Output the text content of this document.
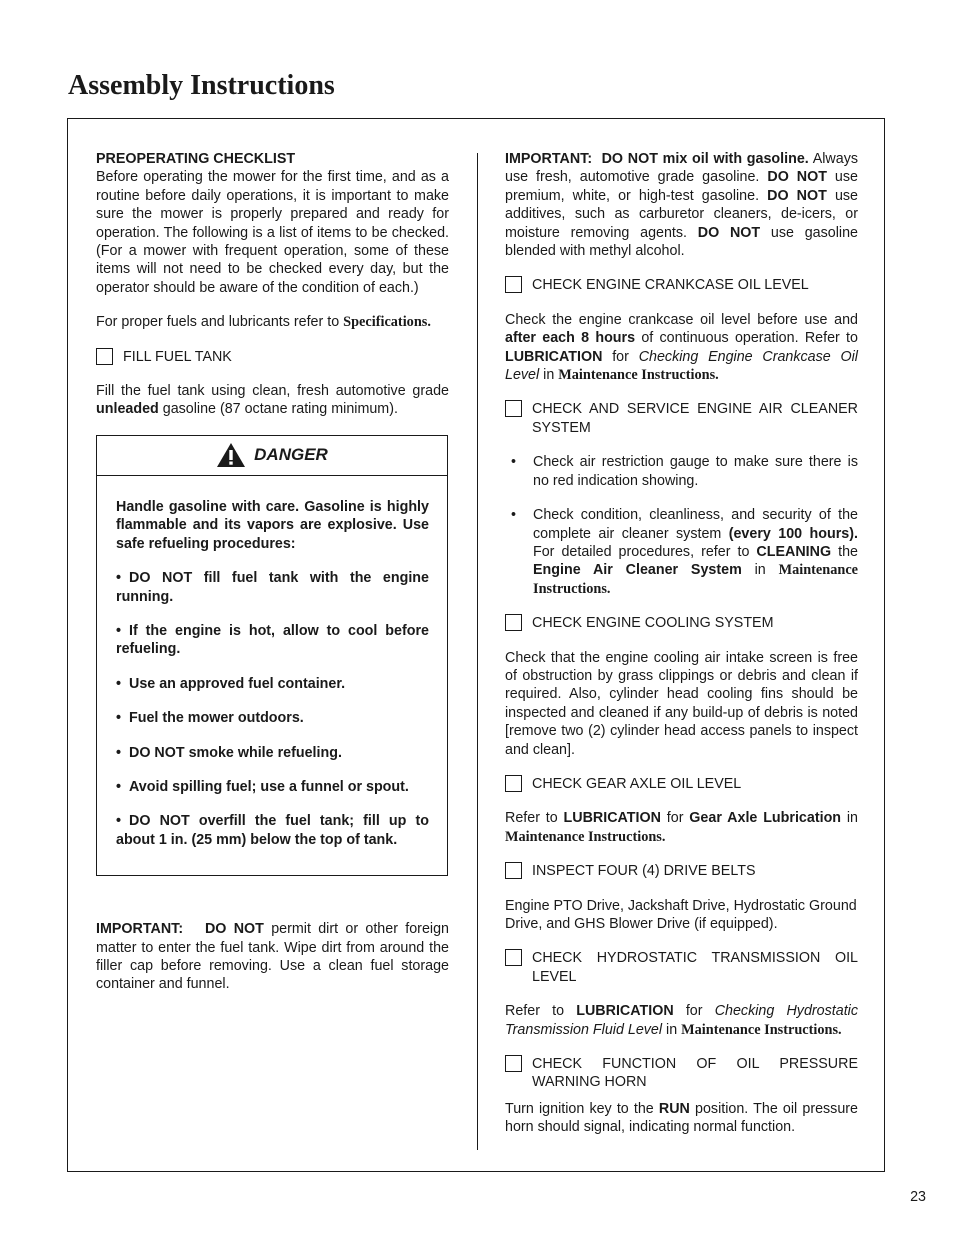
Assembly Instructions

PREOPERATING CHECKLIST

Before operating the mower for the first time, and as a routine before daily operations, it is important to make sure the mower is properly prepared and ready for operation. The following is a list of items to be checked. (For a mower with frequent operation, some of these items will not need to be checked every day, but the operator should be aware of the condition of each.)

For proper fuels and lubricants refer to Specifications.

FILL FUEL TANK

Fill the fuel tank using clean, fresh automotive grade unleaded gasoline (87 octane rating minimum).

DANGER

Handle gasoline with care. Gasoline is highly flammable and its vapors are explosive. Use safe refueling procedures:

• DO NOT fill fuel tank with the engine running.

• If the engine is hot, allow to cool before refueling.

• Use an approved fuel container.

• Fuel the mower outdoors.

• DO NOT smoke while refueling.

• Avoid spilling fuel; use a funnel or spout.

• DO NOT overfill the fuel tank; fill up to about 1 in. (25 mm) below the top of tank.

IMPORTANT: DO NOT permit dirt or other foreign matter to enter the fuel tank. Wipe dirt from around the filler cap before removing. Use a clean fuel storage container and funnel.

IMPORTANT: DO NOT mix oil with gasoline. Always use fresh, automotive grade gasoline. DO NOT use premium, white, or high-test gasoline. DO NOT use additives, such as carburetor cleaners, de-icers, or moisture removing agents. DO NOT use gasoline blended with methyl alcohol.

CHECK ENGINE CRANKCASE OIL LEVEL

Check the engine crankcase oil level before use and after each 8 hours of continuous operation. Refer to LUBRICATION for Checking Engine Crankcase Oil Level in Maintenance Instructions.

CHECK AND SERVICE ENGINE AIR CLEANER SYSTEM
•	Check air restriction gauge to make sure there is no red indication showing.
•	Check condition, cleanliness, and security of the complete air cleaner system (every 100 hours). For detailed procedures, refer to CLEANING the Engine Air Cleaner System in Maintenance Instructions.
CHECK ENGINE COOLING SYSTEM

Check that the engine cooling air intake screen is free of obstruction by grass clippings or debris and clean if required. Also, cylinder head cooling fins should be inspected and cleaned if any build-up of debris is noted [remove two (2) cylinder head access panels to inspect and clean].

CHECK GEAR AXLE OIL LEVEL

Refer to LUBRICATION for Gear Axle Lubrication in Maintenance Instructions.

INSPECT FOUR (4) DRIVE BELTS

Engine PTO Drive, Jackshaft Drive, Hydrostatic Ground Drive, and GHS Blower Drive (if equipped).

CHECK HYDROSTATIC TRANSMISSION OIL LEVEL

Refer to LUBRICATION for Checking Hydrostatic Transmission Fluid Level in Maintenance Instructions.

CHECK FUNCTION OF OIL PRESSURE WARNING HORN

Turn ignition key to the RUN position. The oil pressure horn should signal, indicating normal function.

23
